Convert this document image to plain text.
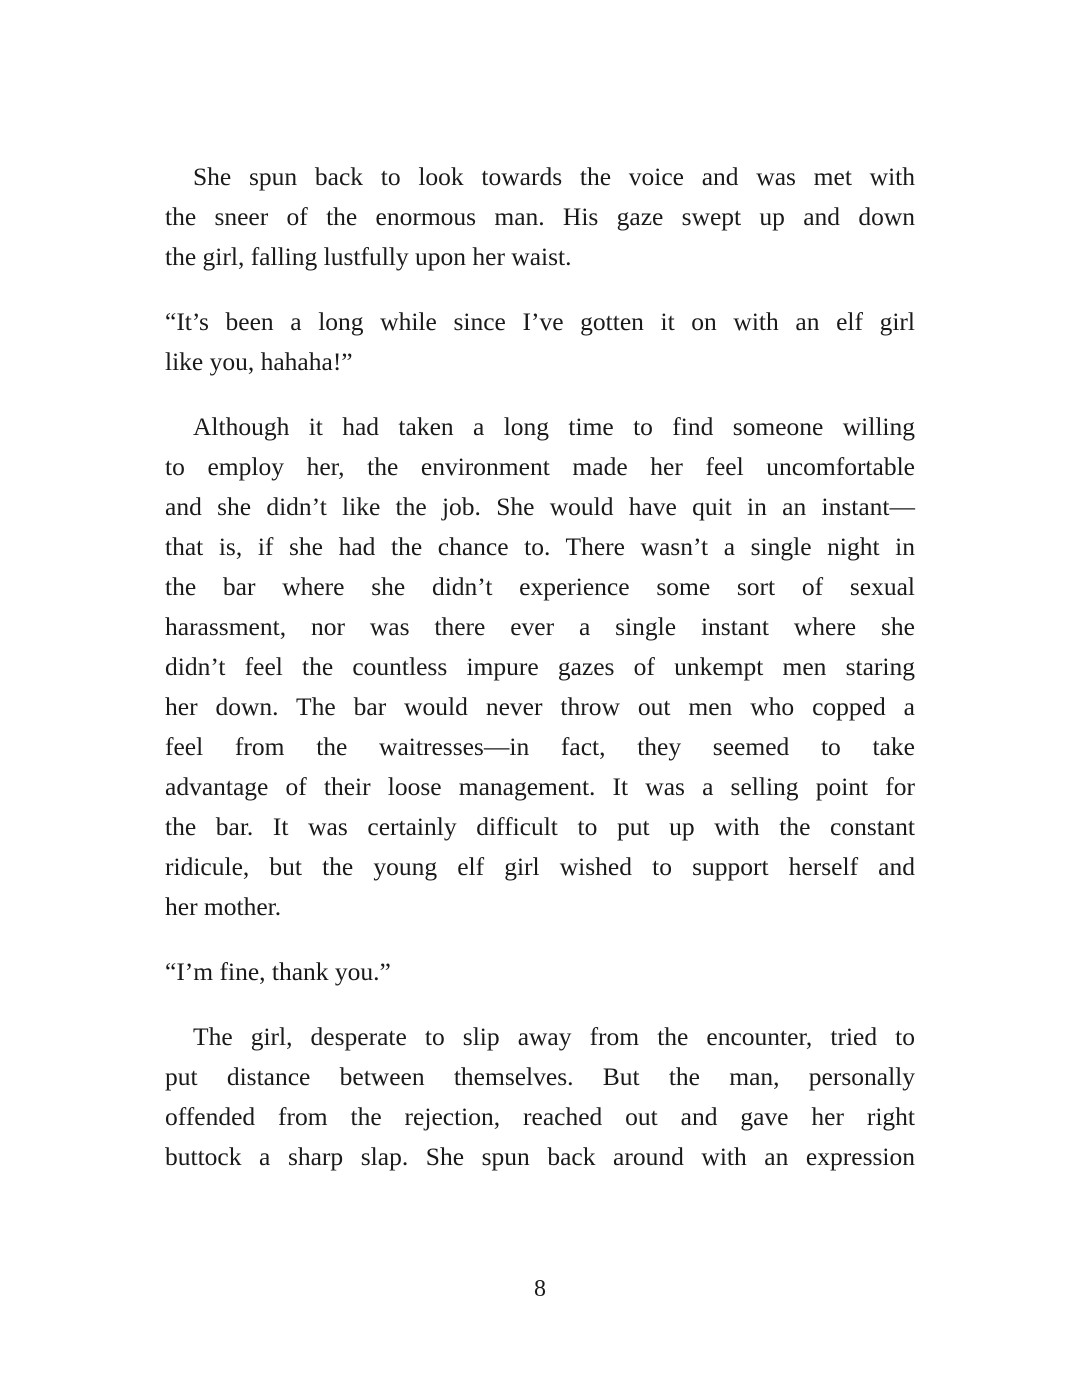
She spun back to look towards the voice and was met with
the sneer of the enormous man. His gaze swept up and down
the girl, falling lustfully upon her waist.
“It’s been a long while since I’ve gotten it on with an elf girl
like you, hahaha!”
Although it had taken a long time to find someone willing
to employ her, the environment made her feel uncomfortable
and she didn’t like the job. She would have quit in an instant—
that is, if she had the chance to. There wasn’t a single night in
the bar where she didn’t experience some sort of sexual
harassment, nor was there ever a single instant where she
didn’t feel the countless impure gazes of unkempt men staring
her down. The bar would never throw out men who copped a
feel from the waitresses—in fact, they seemed to take
advantage of their loose management. It was a selling point for
the bar. It was certainly difficult to put up with the constant
ridicule, but the young elf girl wished to support herself and
her mother.
“I’m fine, thank you.”
The girl, desperate to slip away from the encounter, tried to
put distance between themselves. But the man, personally
offended from the rejection, reached out and gave her right
buttock a sharp slap. She spun back around with an expression
8
